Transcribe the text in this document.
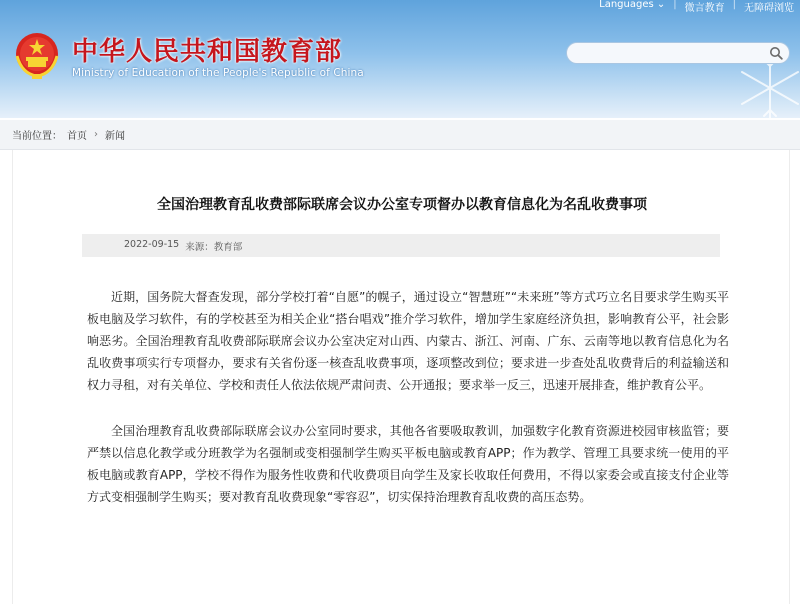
Languages ⌄ | 微言教育 | 无障碍浏览
中华人民共和国教育部
Ministry of Education of the People's Republic of China
当前位置： 首页 › 新闻
全国治理教育乱收费部际联席会议办公室专项督办以教育信息化为名乱收费事项
2022-09-15 来源：教育部

近期，国务院大督查发现，部分学校打着“自愿”的幌子，通过设立“智慧班”“未来班”等方式巧立名目要求学生购买平板电脑及学习软件，有的学校甚至为相关企业“搭台唱戏”推介学习软件，增加学生家庭经济负担，影响教育公平，社会影响恶劣。全国治理教育乱收费部际联席会议办公室决定对山西、内蒙古、浙江、河南、广东、云南等地以教育信息化为名乱收费事项实行专项督办，要求有关省份逐一核查乱收费事项，逐项整改到位；要求进一步查处乱收费背后的利益输送和权力寻租，对有关单位、学校和责任人依法依规严肃问责、公开通报；要求举一反三，迅速开展排查，维护教育公平。

全国治理教育乱收费部际联席会议办公室同时要求，其他各省要吸取教训，加强数字化教育资源进校园审核监管；要严禁以信息化教学或分班教学为名强制或变相强制学生购买平板电脑或教育APP；作为教学、管理工具要求统一使用的平板电脑或教育APP，学校不得作为服务性收费和代收费项目向学生及家长收取任何费用，不得以家委会或直接支付企业等方式变相强制学生购买；要对教育乱收费现象“零容忍”，切实保持治理教育乱收费的高压态势。
